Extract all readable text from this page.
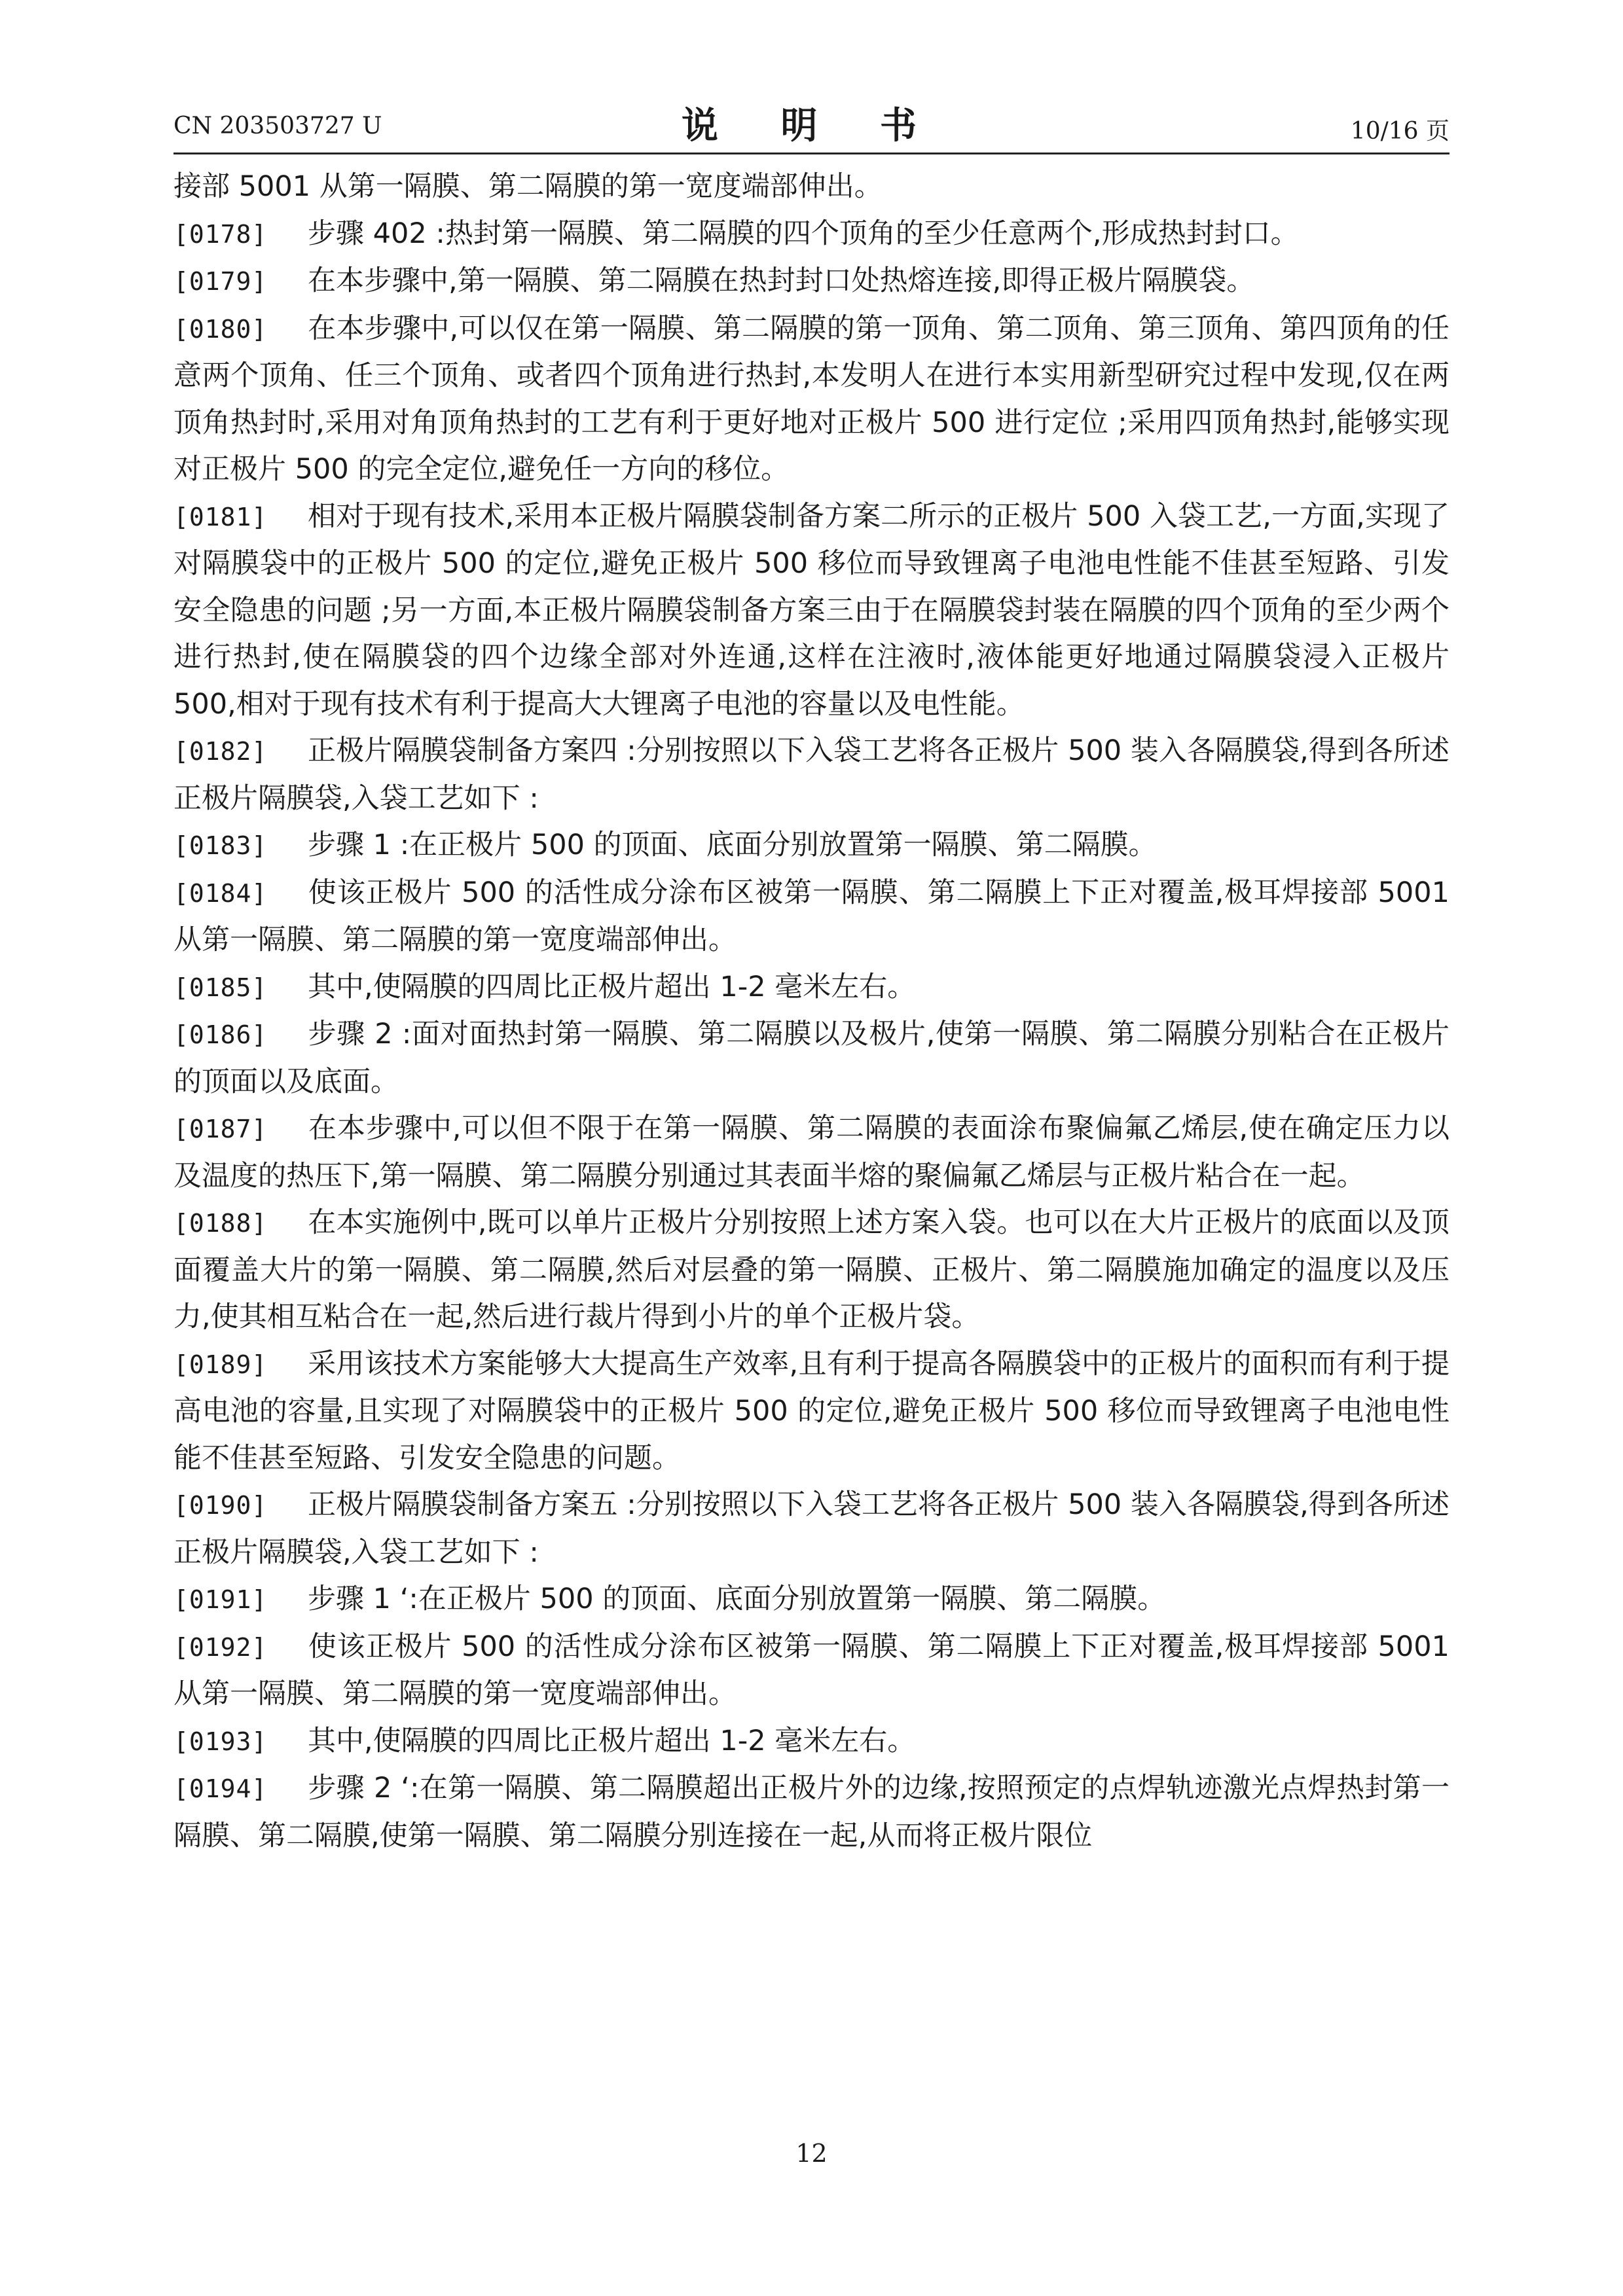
CN 203503727 U	说 明 书	10/16 页

接部 5001 从第一隔膜、第二隔膜的第一宽度端部伸出。

[0178] 步骤 402 :热封第一隔膜、第二隔膜的四个顶角的至少任意两个,形成热封封口。

[0179] 在本步骤中,第一隔膜、第二隔膜在热封封口处热熔连接,即得正极片隔膜袋。

[0180] 在本步骤中,可以仅在第一隔膜、第二隔膜的第一顶角、第二顶角、第三顶角、第四顶角的任意两个顶角、任三个顶角、或者四个顶角进行热封,本发明人在进行本实用新型研究过程中发现,仅在两顶角热封时,采用对角顶角热封的工艺有利于更好地对正极片 500 进行定位 ;采用四顶角热封,能够实现对正极片 500 的完全定位,避免任一方向的移位。

[0181] 相对于现有技术,采用本正极片隔膜袋制备方案二所示的正极片 500 入袋工艺,一方面,实现了对隔膜袋中的正极片 500 的定位,避免正极片 500 移位而导致锂离子电池电性能不佳甚至短路、引发安全隐患的问题 ;另一方面,本正极片隔膜袋制备方案三由于在隔膜袋封装在隔膜的四个顶角的至少两个进行热封,使在隔膜袋的四个边缘全部对外连通,这样在注液时,液体能更好地通过隔膜袋浸入正极片 500,相对于现有技术有利于提高大大锂离子电池的容量以及电性能。

[0182] 正极片隔膜袋制备方案四 :分别按照以下入袋工艺将各正极片 500 装入各隔膜袋,得到各所述正极片隔膜袋,入袋工艺如下 :

[0183] 步骤 1 :在正极片 500 的顶面、底面分别放置第一隔膜、第二隔膜。

[0184] 使该正极片 500 的活性成分涂布区被第一隔膜、第二隔膜上下正对覆盖,极耳焊接部 5001 从第一隔膜、第二隔膜的第一宽度端部伸出。

[0185] 其中,使隔膜的四周比正极片超出 1-2 毫米左右。

[0186] 步骤 2 :面对面热封第一隔膜、第二隔膜以及极片,使第一隔膜、第二隔膜分别粘合在正极片的顶面以及底面。

[0187] 在本步骤中,可以但不限于在第一隔膜、第二隔膜的表面涂布聚偏氟乙烯层,使在确定压力以及温度的热压下,第一隔膜、第二隔膜分别通过其表面半熔的聚偏氟乙烯层与正极片粘合在一起。

[0188] 在本实施例中,既可以单片正极片分别按照上述方案入袋。也可以在大片正极片的底面以及顶面覆盖大片的第一隔膜、第二隔膜,然后对层叠的第一隔膜、正极片、第二隔膜施加确定的温度以及压力,使其相互粘合在一起,然后进行裁片得到小片的单个正极片袋。

[0189] 采用该技术方案能够大大提高生产效率,且有利于提高各隔膜袋中的正极片的面积而有利于提高电池的容量,且实现了对隔膜袋中的正极片 500 的定位,避免正极片 500 移位而导致锂离子电池电性能不佳甚至短路、引发安全隐患的问题。

[0190] 正极片隔膜袋制备方案五 :分别按照以下入袋工艺将各正极片 500 装入各隔膜袋,得到各所述正极片隔膜袋,入袋工艺如下 :

[0191] 步骤 1 ‘:在正极片 500 的顶面、底面分别放置第一隔膜、第二隔膜。

[0192] 使该正极片 500 的活性成分涂布区被第一隔膜、第二隔膜上下正对覆盖,极耳焊接部 5001 从第一隔膜、第二隔膜的第一宽度端部伸出。

[0193] 其中,使隔膜的四周比正极片超出 1-2 毫米左右。

[0194] 步骤 2 ‘:在第一隔膜、第二隔膜超出正极片外的边缘,按照预定的点焊轨迹激光点焊热封第一隔膜、第二隔膜,使第一隔膜、第二隔膜分别连接在一起,从而将正极片限位

12
